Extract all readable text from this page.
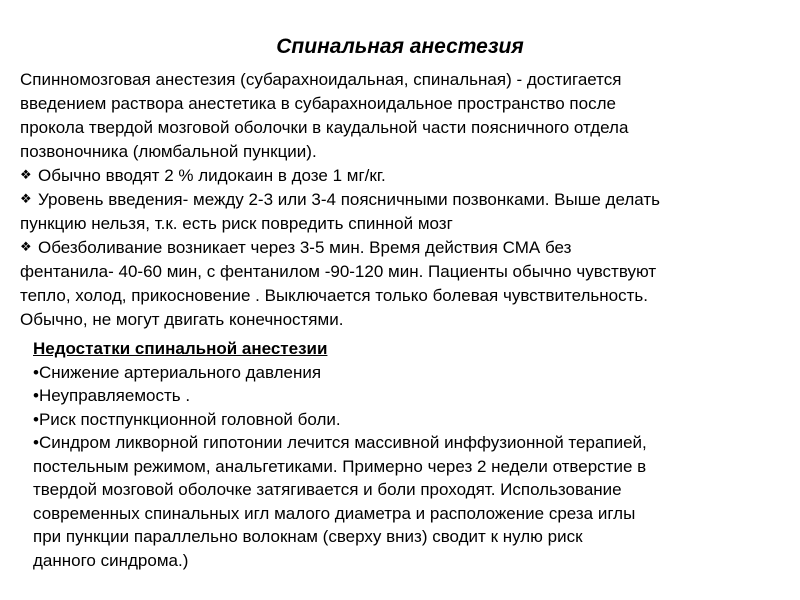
Спинальная анестезия

Спинномозговая анестезия (субарахноидальная, спинальная) - достигается
введением раствора анестетика в субарахноидальное пространство после
прокола твердой мозговой оболочки в каудальной части поясничного отдела
позвоночника (люмбальной пункции).

❖ Обычно вводят 2 % лидокаин в дозе 1 мг/кг.
❖ Уровень введения- между 2-3 или 3-4 поясничными позвонками. Выше делать
пункцию нельзя, т.к. есть риск повредить спинной мозг
❖ Обезболивание возникает через 3-5 мин. Время действия СМА без
фентанила- 40-60 мин, с фентанилом -90-120 мин. Пациенты обычно чувствуют
тепло, холод, прикосновение . Выключается только болевая чувствительность.
Обычно, не могут двигать конечностями.

Недостатки спинальной анестезии

•Снижение артериального давления

•Неуправляемость .

•Риск постпункционной головной боли.

•Синдром ликворной гипотонии лечится массивной инффузионной терапией,
постельным режимом, анальгетиками. Примерно через 2 недели отверстие в
твердой мозговой оболочке затягивается и боли проходят. Использование
современных спинальных игл малого диаметра и расположение среза иглы
при пункции параллельно волокнам (сверху вниз) сводит к нулю риск
данного синдрома.)
